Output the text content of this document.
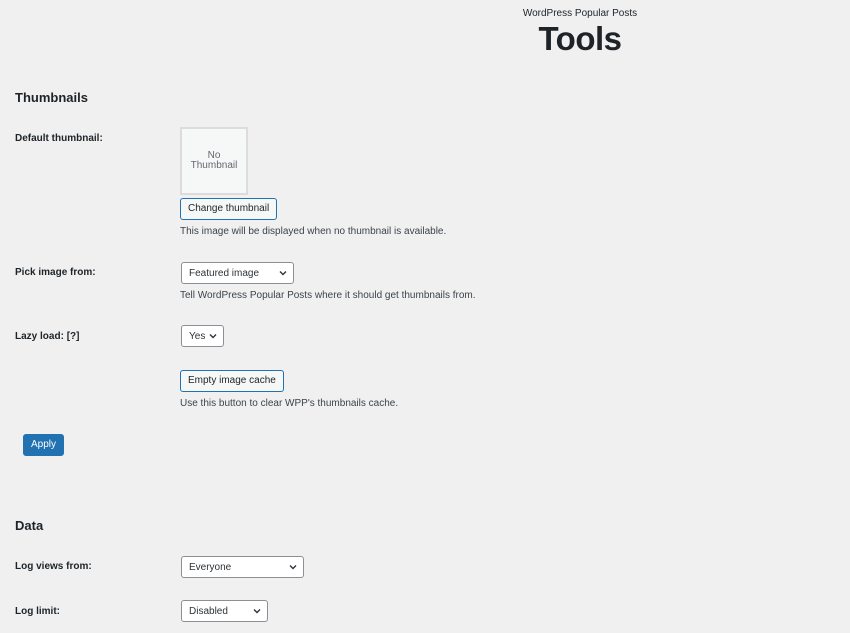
WordPress Popular Posts
Tools
Thumbnails
Default thumbnail:
No
Thumbnail
Change thumbnail
This image will be displayed when no thumbnail is available.
Pick image from:	Featured image
Tell WordPress Popular Posts where it should get thumbnails from.
Lazy load: [?]	Yes
Empty image cache
Use this button to clear WPP's thumbnails cache.
Apply
Data
Log views from:	Everyone
Log limit:	Disabled
